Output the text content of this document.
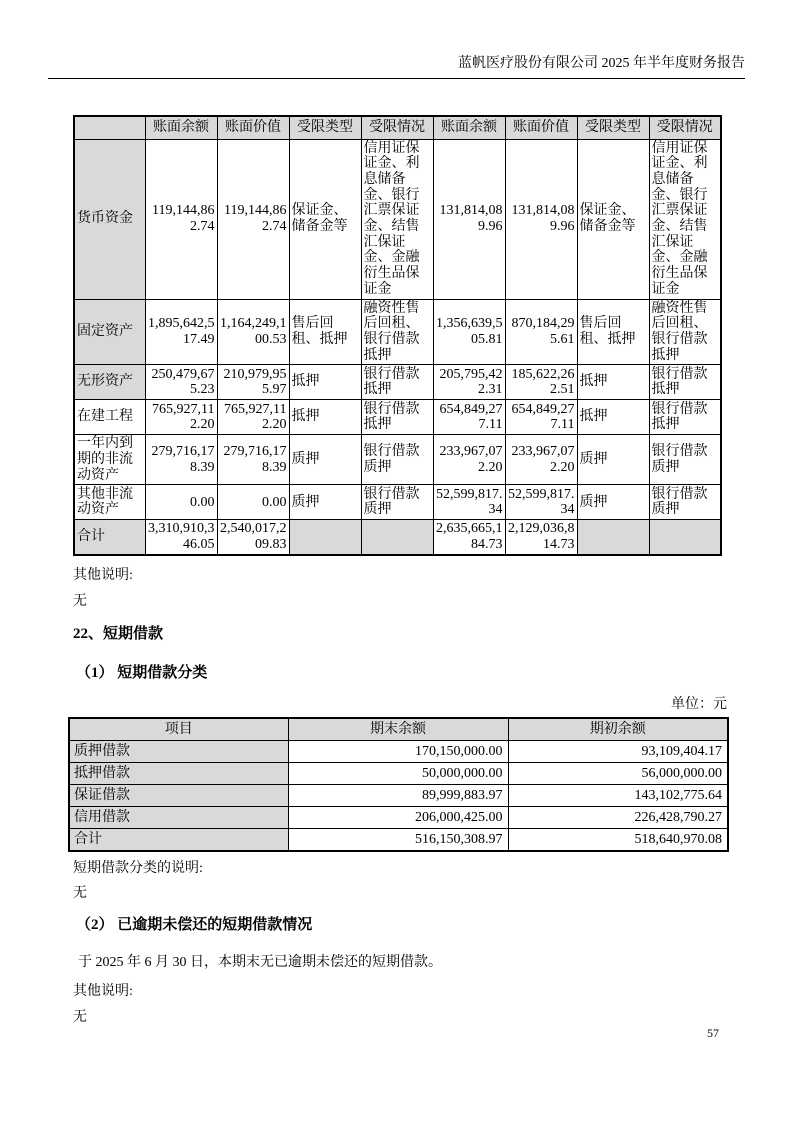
蓝帆医疗股份有限公司 2025 年半年度财务报告
	账面余额	账面价值	受限类型	受限情况	账面余额	账面价值	受限类型	受限情况
货币资金	119,144,862.74	119,144,862.74	保证金、储备金等	信用证保证金、利息储备金、银行汇票保证金、结售汇保证金、金融衍生品保证金	131,814,089.96	131,814,089.96	保证金、储备金等	信用证保证金、利息储备金、银行汇票保证金、结售汇保证金、金融衍生品保证金
固定资产	1,895,642,517.49	1,164,249,100.53	售后回租、抵押	融资性售后回租、银行借款抵押	1,356,639,505.81	870,184,295.61	售后回租、抵押	融资性售后回租、银行借款抵押
无形资产	250,479,675.23	210,979,955.97	抵押	银行借款抵押	205,795,422.31	185,622,262.51	抵押	银行借款抵押
在建工程	765,927,112.20	765,927,112.20	抵押	银行借款抵押	654,849,277.11	654,849,277.11	抵押	银行借款抵押
一年内到期的非流动资产	279,716,178.39	279,716,178.39	质押	银行借款质押	233,967,072.20	233,967,072.20	质押	银行借款质押
其他非流动资产	0.00	0.00	质押	银行借款质押	52,599,817.34	52,599,817.34	质押	银行借款质押
合计	3,310,910,346.05	2,540,017,209.83			2,635,665,184.73	2,129,036,814.73		

其他说明:

无

22、短期借款
（1） 短期借款分类

单位：元

项目	期末余额	期初余额
质押借款	170,150,000.00	93,109,404.17
抵押借款	50,000,000.00	56,000,000.00
保证借款	89,999,883.97	143,102,775.64
信用借款	206,000,425.00	226,428,790.27
合计	516,150,308.97	518,640,970.08

短期借款分类的说明:

无

（2） 已逾期未偿还的短期借款情况

于 2025 年 6 月 30 日，本期末无已逾期未偿还的短期借款。

其他说明:

无

57
